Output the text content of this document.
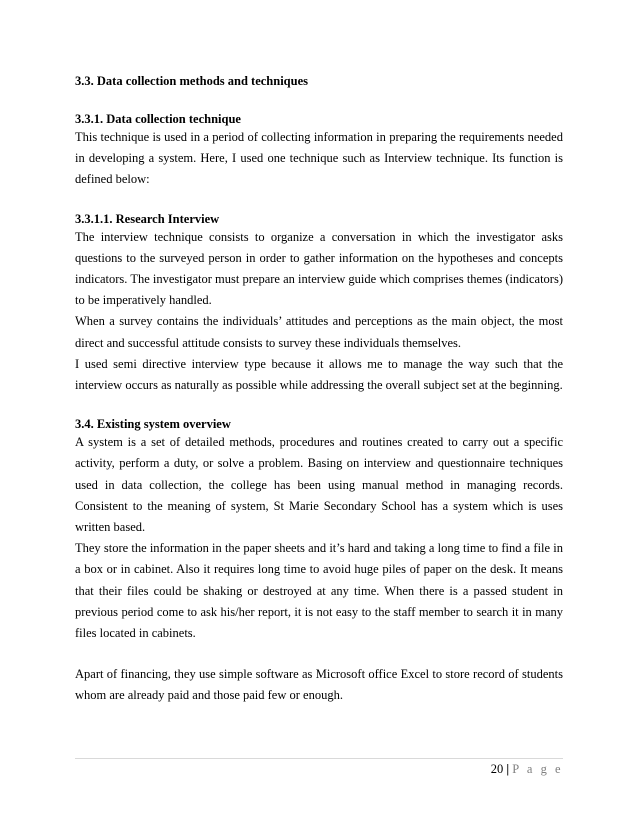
3.3. Data collection methods and techniques
3.3.1. Data collection technique

This technique is used in a period of collecting information in preparing the requirements needed in developing a system. Here, I used one technique such as Interview technique. Its function is defined below:

3.3.1.1. Research Interview

The interview technique consists to organize a conversation in which the investigator asks questions to the surveyed person in order to gather information on the hypotheses and concepts indicators. The investigator must prepare an interview guide which comprises themes (indicators) to be imperatively handled.

When a survey contains the individuals’ attitudes and perceptions as the main object, the most direct and successful attitude consists to survey these individuals themselves.

I used semi directive interview type because it allows me to manage the way such that the interview occurs as naturally as possible while addressing the overall subject set at the beginning.

3.4. Existing system overview

A system is a set of detailed methods, procedures and routines created to carry out a specific activity, perform a duty, or solve a problem. Basing on interview and questionnaire techniques used in data collection, the college has been using manual method in managing records. Consistent to the meaning of system, St Marie Secondary School has a system which is uses written based.

They store the information in the paper sheets and it’s hard and taking a long time to find a file in a box or in cabinet. Also it requires long time to avoid huge piles of paper on the desk. It means that their files could be shaking or destroyed at any time. When there is a passed student in previous period come to ask his/her report, it is not easy to the staff member to search it in many files located in cabinets.

Apart of financing, they use simple software as Microsoft office Excel to store record of students whom are already paid and those paid few or enough.

20 | P a g e
